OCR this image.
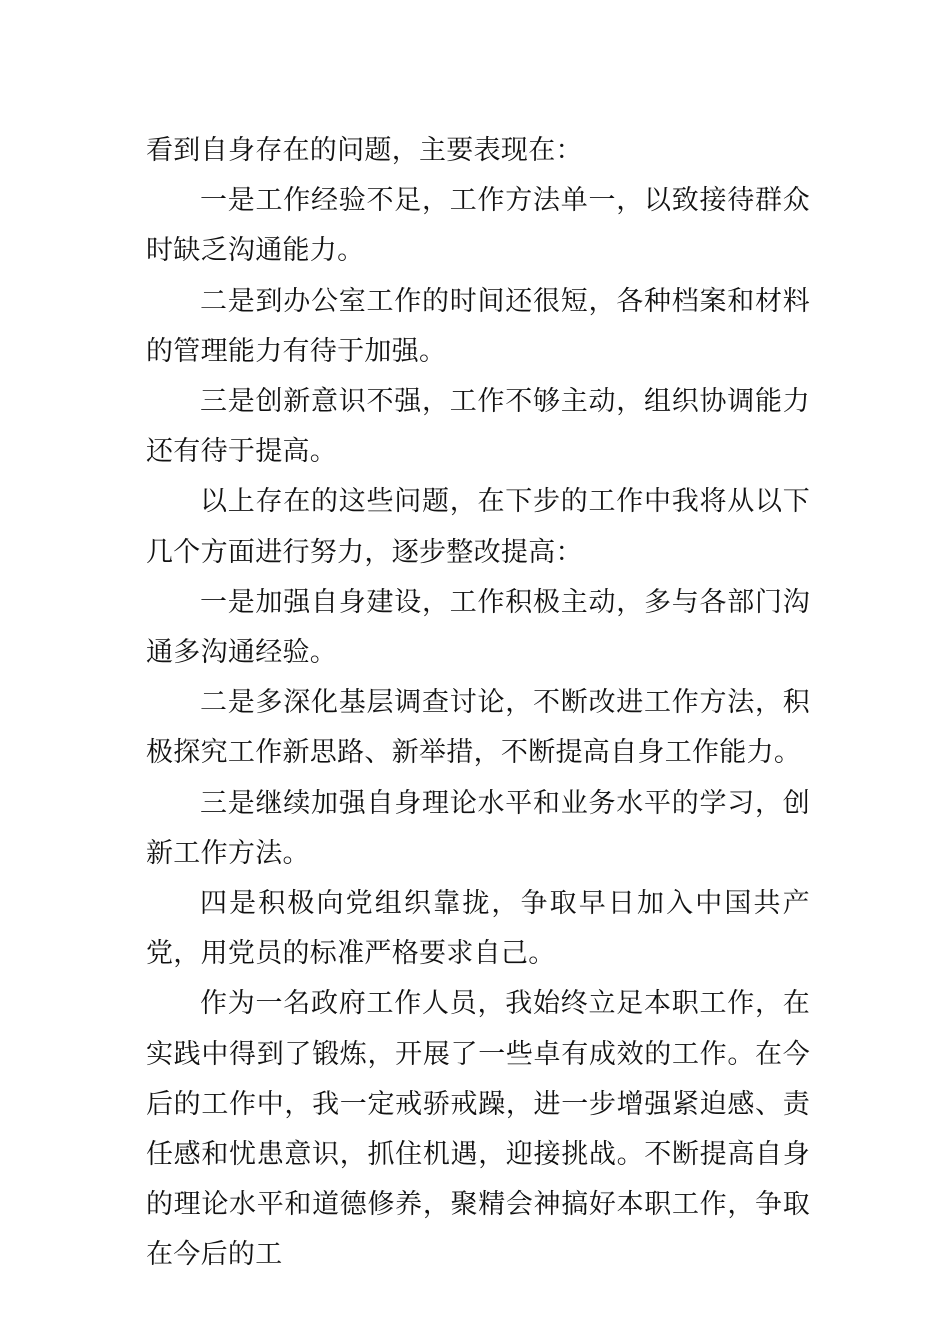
看到自身存在的问题，主要表现在：

一是工作经验不足，工作方法单一，以致接待群众时缺乏沟通能力。

二是到办公室工作的时间还很短，各种档案和材料的管理能力有待于加强。

三是创新意识不强，工作不够主动，组织协调能力还有待于提高。

以上存在的这些问题，在下步的工作中我将从以下几个方面进行努力，逐步整改提高：

一是加强自身建设，工作积极主动，多与各部门沟通多沟通经验。

二是多深化基层调查讨论，不断改进工作方法，积极探究工作新思路、新举措，不断提高自身工作能力。

三是继续加强自身理论水平和业务水平的学习，创新工作方法。

四是积极向党组织靠拢，争取早日加入中国共产党，用党员的标准严格要求自己。

作为一名政府工作人员，我始终立足本职工作，在实践中得到了锻炼，开展了一些卓有成效的工作。在今后的工作中，我一定戒骄戒躁，进一步增强紧迫感、责任感和忧患意识，抓住机遇，迎接挑战。不断提高自身的理论水平和道德修养，聚精会神搞好本职工作，争取在今后的工
